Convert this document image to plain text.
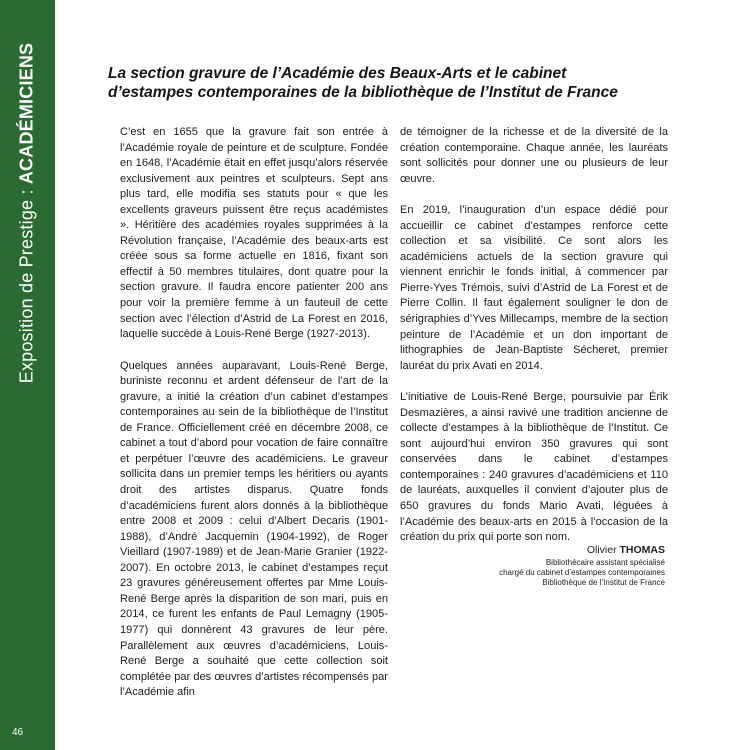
Exposition de Prestige : ACADÉMICIENS
46
La section gravure de l’Académie des Beaux-Arts et le cabinet
d’estampes contemporaines de la bibliothèque de l’Institut de France

C’est en 1655 que la gravure fait son entrée à l’Académie royale de peinture et de sculpture. Fondée en 1648, l’Académie était en effet jusqu’alors réservée exclusivement aux peintres et sculpteurs. Sept ans plus tard, elle modifia ses statuts pour « que les excellents graveurs puissent être reçus académistes ». Héritière des académies royales supprimées à la Révolution française, l’Académie des beaux-arts est créée sous sa forme actuelle en 1816, fixant son effectif à 50 membres titulaires, dont quatre pour la section gravure. Il faudra encore patienter 200 ans pour voir la première femme à un fauteuil de cette section avec l’élection d’Astrid de La Forest en 2016, laquelle succède à Louis-René Berge (1927-2013).

Quelques années auparavant, Louis-René Berge, buriniste reconnu et ardent défenseur de l’art de la gravure, a initié la création d’un cabinet d’estampes contemporaines au sein de la bibliothèque de l’Institut de France. Officiellement créé en décembre 2008, ce cabinet a tout d’abord pour vocation de faire connaître et perpétuer l’œuvre des académiciens. Le graveur sollicita dans un premier temps les héritiers ou ayants droit des artistes disparus. Quatre fonds d’académiciens furent alors donnés à la bibliothèque entre 2008 et 2009 : celui d’Albert Decaris (1901-1988), d’André Jacquemin (1904-1992), de Roger Vieillard (1907-1989) et de Jean-Marie Granier (1922-2007). En octobre 2013, le cabinet d’estampes reçut 23 gravures généreusement offertes par Mme Louis-René Berge après la disparition de son mari, puis en 2014, ce furent les enfants de Paul Lemagny (1905-1977) qui donnèrent 43 gravures de leur père. Parallèlement aux œuvres d’académiciens, Louis-René Berge a souhaité que cette collection soit complétée par des œuvres d’artistes récompensés par l’Académie afin

de témoigner de la richesse et de la diversité de la création contemporaine. Chaque année, les lauréats sont sollicités pour donner une ou plusieurs de leur œuvre.

En 2019, l’inauguration d’un espace dédié pour accueillir ce cabinet d’estampes renforce cette collection et sa visibilité. Ce sont alors les académiciens actuels de la section gravure qui viennent enrichir le fonds initial, à commencer par Pierre-Yves Trémois, suivi d’Astrid de La Forest et de Pierre Collin. Il faut également souligner le don de sérigraphies d’Yves Millecamps, membre de la section peinture de l’Académie et un don important de lithographies de Jean-Baptiste Sécheret, premier lauréat du prix Avati en 2014.

L’initiative de Louis-René Berge, poursuivie par Érik Desmazières, a ainsi ravivé une tradition ancienne de collecte d’estampes à la bibliothèque de l’Institut. Ce sont aujourd’hui environ 350 gravures qui sont conservées dans le cabinet d’estampes contemporaines : 240 gravures d’académiciens et 110 de lauréats, auxquelles il convient d’ajouter plus de 650 gravures du fonds Mario Avati, léguées à l’Académie des beaux-arts en 2015 à l’occasion de la création du prix qui porte son nom.

Olivier THOMAS
Bibliothécaire assistant spécialisé
chargé du cabinet d’estampes contemporaines
Bibliothèque de l’Institut de France
